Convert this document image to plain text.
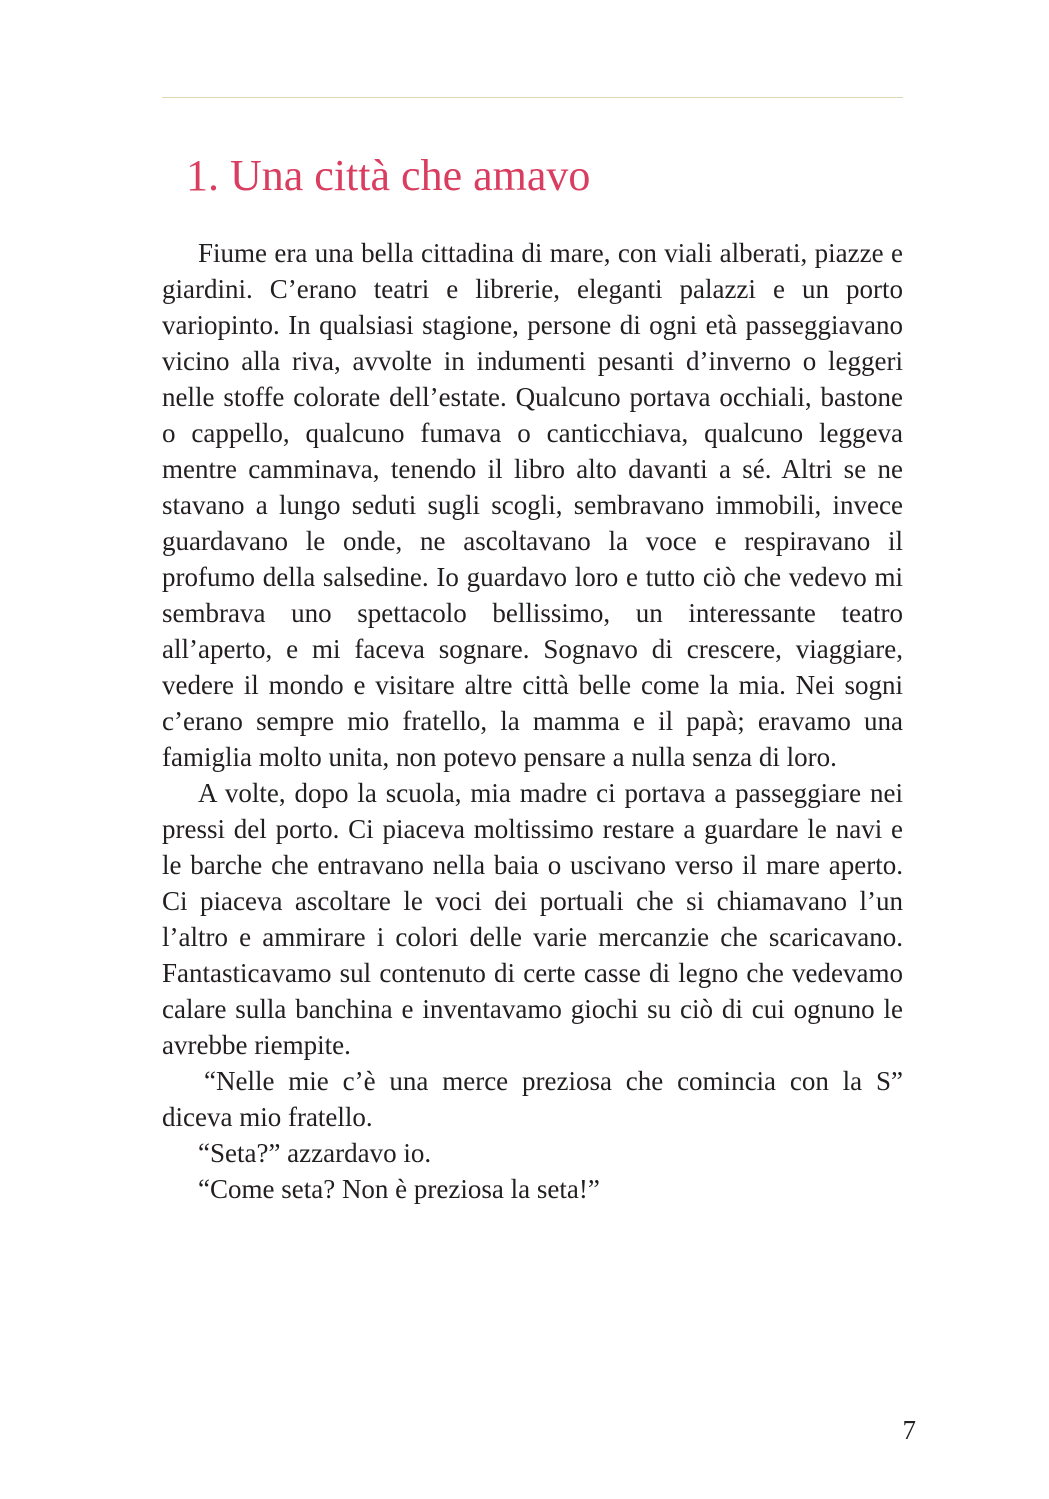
1. Una città che amavo

Fiume era una bella cittadina di mare, con viali alberati, piazze e giardini. C’erano teatri e librerie, eleganti palazzi e un porto variopinto. In qualsiasi stagione, persone di ogni età passeggiavano vicino alla riva, avvolte in indumenti pesanti d’inverno o leggeri nelle stoffe colorate dell’estate. Qualcuno portava occhiali, bastone o cappello, qualcuno fumava o canticchiava, qualcuno leggeva mentre camminava, tenendo il libro alto davanti a sé. Altri se ne stavano a lungo seduti sugli scogli, sembravano immobili, invece guardavano le onde, ne ascoltavano la voce e respiravano il profumo della salsedine. Io guardavo loro e tutto ciò che vedevo mi sembrava uno spettacolo bellissimo, un interessante teatro all’aperto, e mi faceva sognare. Sognavo di crescere, viaggiare, vedere il mondo e visitare altre città belle come la mia. Nei sogni c’erano sempre mio fratello, la mamma e il papà; eravamo una famiglia molto unita, non potevo pensare a nulla senza di loro.

A volte, dopo la scuola, mia madre ci portava a passeggiare nei pressi del porto. Ci piaceva moltissimo restare a guardare le navi e le barche che entravano nella baia o uscivano verso il mare aperto. Ci piaceva ascoltare le voci dei portuali che si chiamavano l’un l’altro e ammirare i colori delle varie mercanzie che scaricavano. Fantasticavamo sul contenuto di certe casse di legno che vedevamo calare sulla banchina e inventavamo giochi su ciò di cui ognuno le avrebbe riempite.

“Nelle mie c’è una merce preziosa che comincia con la S” diceva mio fratello.

“Seta?” azzardavo io.

“Come seta? Non è preziosa la seta!”

7
